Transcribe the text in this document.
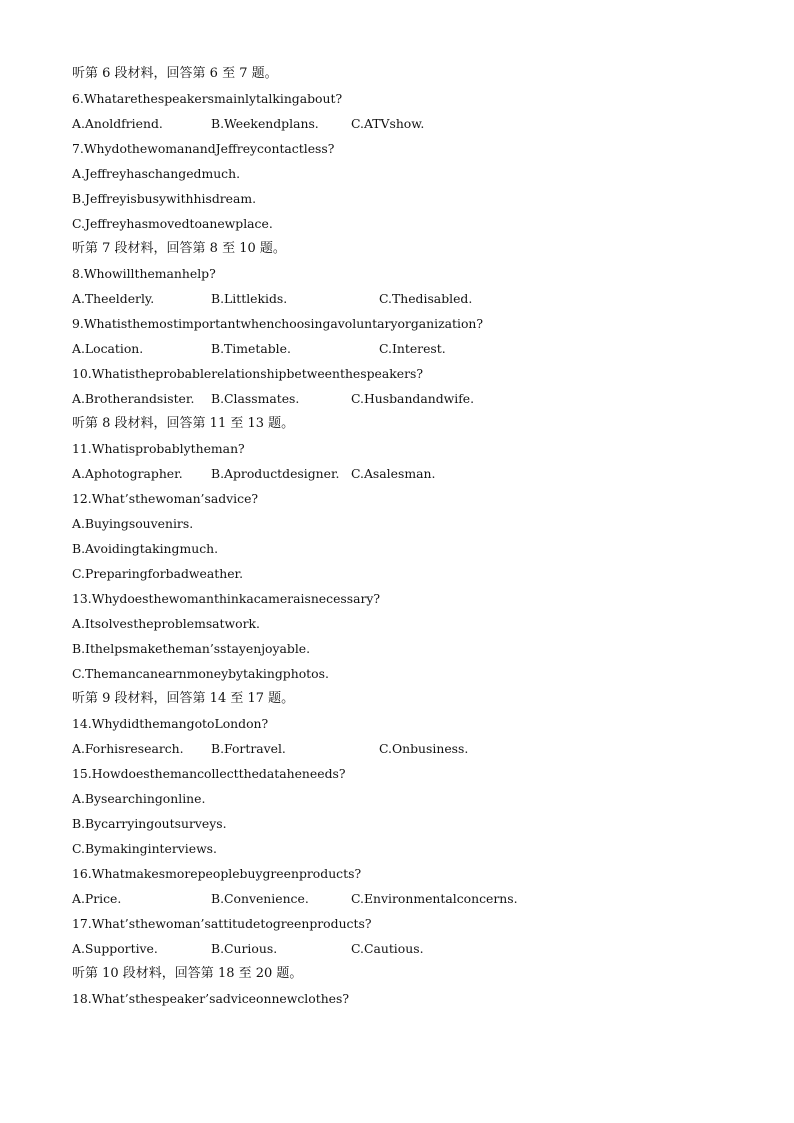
听第 6 段材料，回答第 6 至 7 题。
6.Whatarethespeakersmainlytalkingabout?
A.Anoldfriend.	B.Weekendplans.	C.ATVshow.
7.WhydothewomanandJeffreycontactless?
A.Jeffreyhaschangedmuch.
B.Jeffreyisbusywithhisdream.
C.Jeffreyhasmovedtoanewplace.
听第 7 段材料，回答第 8 至 10 题。
8.Whowillthemanhelp?
A.Theelderly.	B.Littlekids.	C.Thedisabled.
9.Whatisthemostimportantwhenchoosingavoluntaryorganization?
A.Location.	B.Timetable.	C.Interest.
10.Whatistheprobablerelationshipbetweenthespeakers?
A.Brotherandsister. B.Classmates.	C.Husbandandwife.
听第 8 段材料，回答第 11 至 13 题。
11.Whatisprobablytheman?
A.Aphotographer. B.Aproductdesigner. C.Asalesman.
12.What’sthewoman’sadvice?
A.Buyingsouvenirs.
B.Avoidingtakingmuch.
C.Preparingforbadweather.
13.Whydoesthewomanthinkacameraisnecessary?
A.Itsolvestheproblemsatwork.
B.Ithelpsmaketheman’sstayenjoyable.
C.Themancanearnmoneybytakingphotos.
听第 9 段材料，回答第 14 至 17 题。
14.WhydidthemangotoLondon?
A.Forhisresearch. B.Fortravel.	C.Onbusiness.
15.Howdoesthemancollectthedataheneeds?
A.Bysearchingonline.
B.Bycarryingoutsurveys.
C.Bymakinginterviews.
16.Whatmakesmorepeoplebuygreenproducts?
A.Price.	B.Convenience.	C.Environmentalconcerns.
17.What’sthewoman’sattitudetogreenproducts?
A.Supportive.	B.Curious.	C.Cautious.
听第 10 段材料，回答第 18 至 20 题。
18.What’sthespeaker’sadviceonnewclothes?
